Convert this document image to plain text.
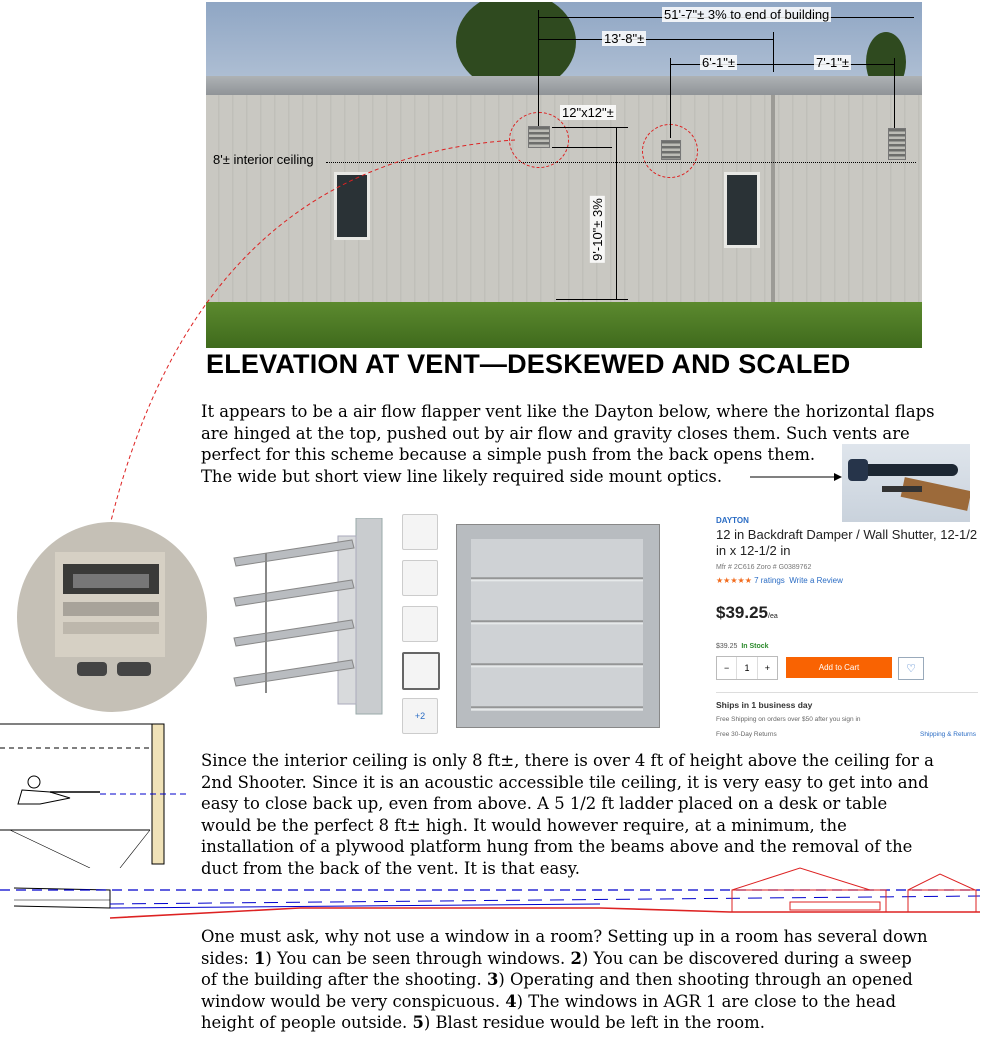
51'-7"± 3% to end of building
13'-8"±
6'-1"±	7'-1"±
12"x12"±
8'± interior ceiling
9'-10"± 3%
ELEVATION AT VENT—DESKEWED AND SCALED
It appears to be a air flow flapper vent like the Dayton below, where the horizontal flaps
are hinged at the top, pushed out by air flow and gravity closes them. Such vents are
perfect for this scheme because a simple push from the back opens them.
The wide but short view line likely required side mount optics.
+2
DAYTON
12 in Backdraft Damper / Wall Shutter, 12-1/2 in x 12-1/2 in
Mfr # 2C616 Zoro # G0389762
★★★★★ 7 ratings Write a Review
$39.25/ea
$39.25 In Stock
−	1	+	Add to Cart	♡
Ships in 1 business day
Free Shipping on orders over $50 after you sign in
Free 30-Day Returns	Shipping & Returns
Since the interior ceiling is only 8 ft±, there is over 4 ft of height above the ceiling for a
2nd Shooter. Since it is an acoustic accessible tile ceiling, it is very easy to get into and
easy to close back up, even from above. A 5 1/2 ft ladder placed on a desk or table
would be the perfect 8 ft± high. It would however require, at a minimum, the
installation of a plywood platform hung from the beams above and the removal of the
duct from the back of the vent. It is that easy.
One must ask, why not use a window in a room? Setting up in a room has several down
sides: 1) You can be seen through windows. 2) You can be discovered during a sweep
of the building after the shooting. 3) Operating and then shooting through an opened
window would be very conspicuous. 4) The windows in AGR 1 are close to the head
height of people outside. 5) Blast residue would be left in the room.
